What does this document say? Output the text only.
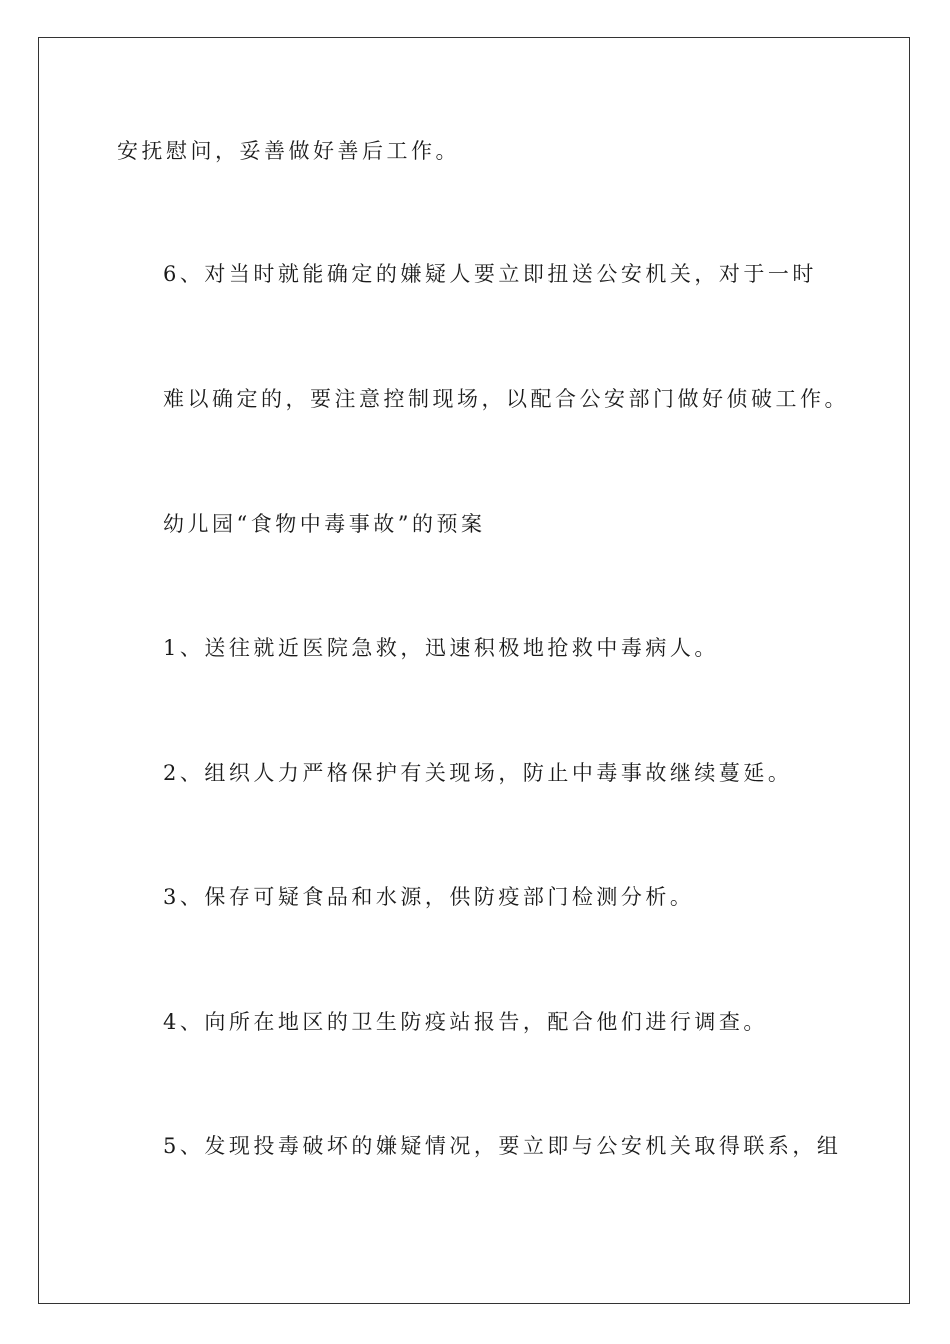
安抚慰问，妥善做好善后工作。
6、对当时就能确定的嫌疑人要立即扭送公安机关，对于一时
难以确定的，要注意控制现场，以配合公安部门做好侦破工作。
幼儿园“食物中毒事故”的预案
1、送往就近医院急救，迅速积极地抢救中毒病人。
2、组织人力严格保护有关现场，防止中毒事故继续蔓延。
3、保存可疑食品和水源，供防疫部门检测分析。
4、向所在地区的卫生防疫站报告，配合他们进行调查。
5、发现投毒破坏的嫌疑情况，要立即与公安机关取得联系，组
